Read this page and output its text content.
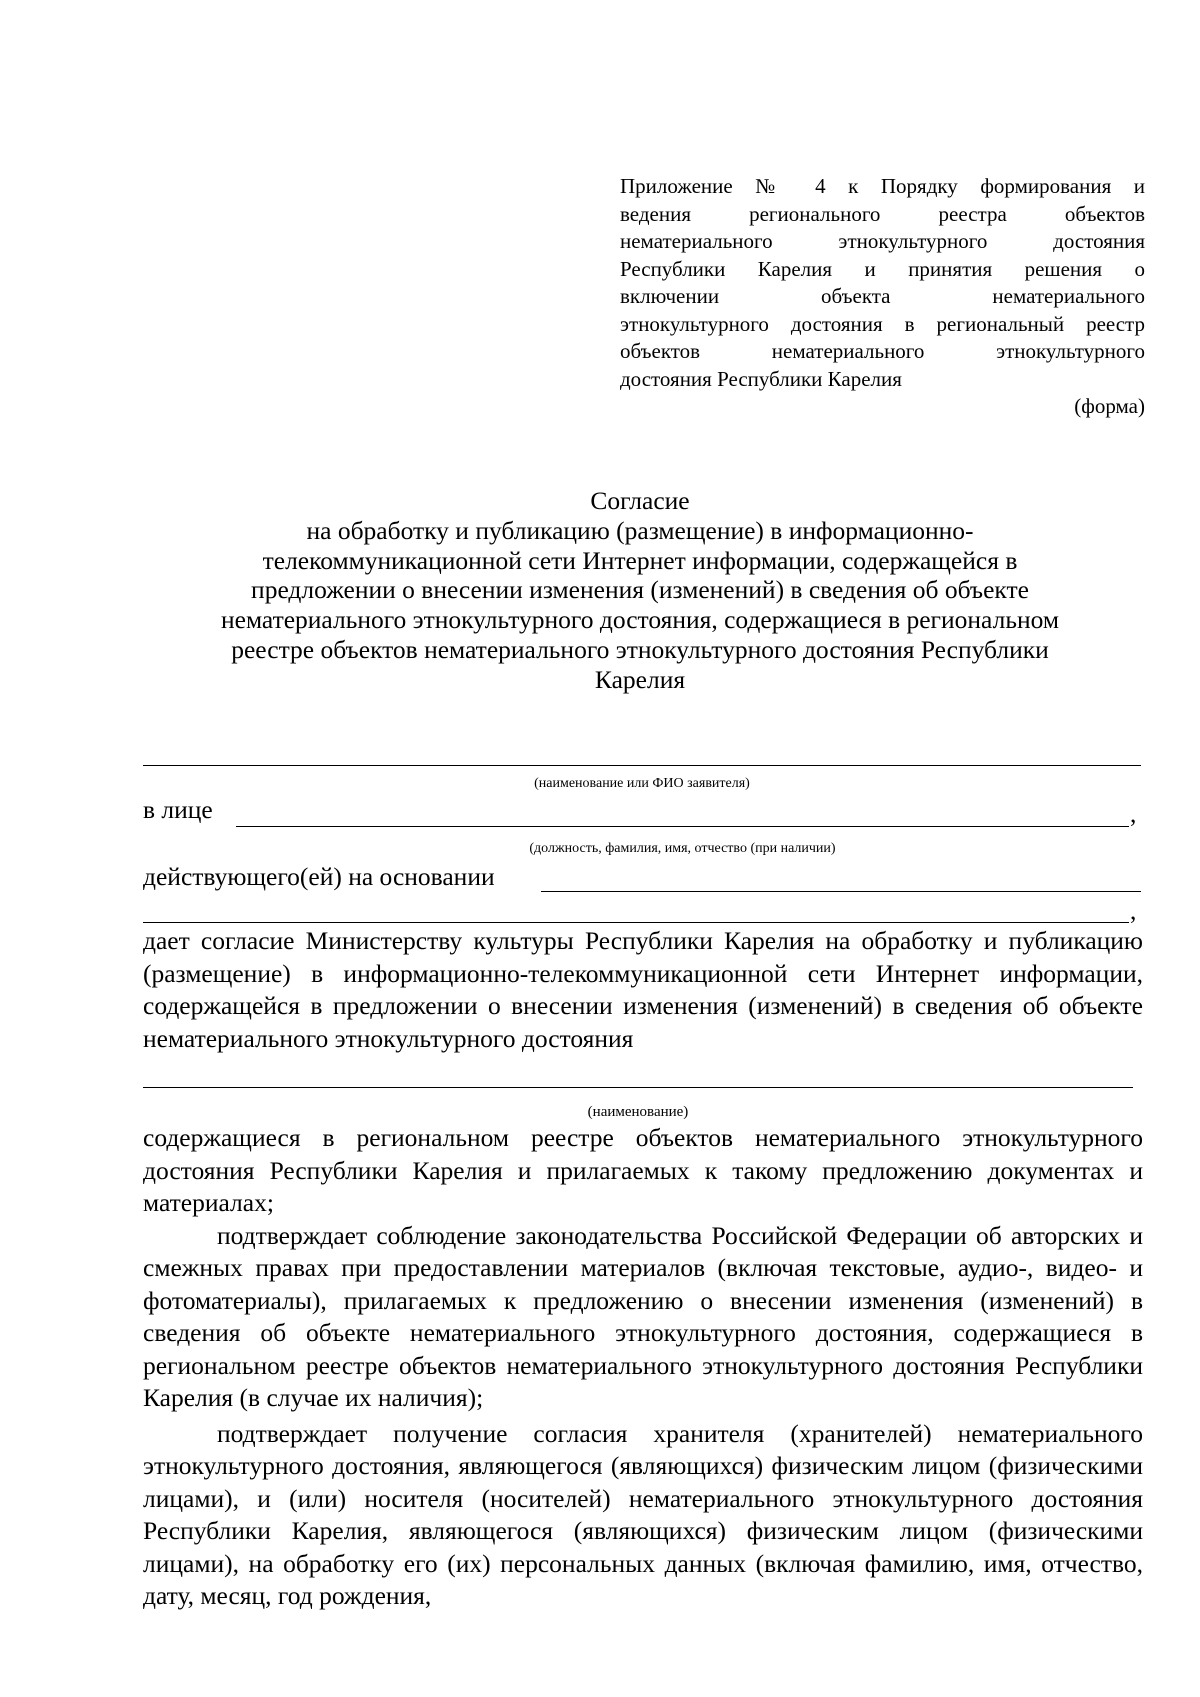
Приложение № 4 к Порядку формирования и
ведения регионального реестра объектов
нематериального этнокультурного достояния
Республики Карелия и принятия решения о
включении объекта нематериального
этнокультурного достояния в региональный реестр
объектов нематериального этнокультурного
достояния Республики Карелия
(форма)
Согласие
на обработку и публикацию (размещение) в информационно-
телекоммуникационной сети Интернет информации, содержащейся в
предложении о внесении изменения (изменений) в сведения об объекте
нематериального этнокультурного достояния, содержащиеся в региональном
реестре объектов нематериального этнокультурного достояния Республики
Карелия
(наименование или ФИО заявителя)
в лице	,
(должность, фамилия, имя, отчество (при наличии)
действующего(ей) на основании
,

дает согласие Министерству культуры Республики Карелия на обработку и публикацию (размещение) в информационно-телекоммуникационной сети Интернет информации, содержащейся в предложении о внесении изменения (изменений) в сведения об объекте нематериального этнокультурного достояния

(наименование)

содержащиеся в региональном реестре объектов нематериального этнокультурного достояния Республики Карелия и прилагаемых к такому предложению документах и материалах;

подтверждает соблюдение законодательства Российской Федерации об авторских и смежных правах при предоставлении материалов (включая текстовые, аудио-, видео- и фотоматериалы), прилагаемых к предложению о внесении изменения (изменений) в сведения об объекте нематериального этнокультурного достояния, содержащиеся в региональном реестре объектов нематериального этнокультурного достояния Республики Карелия (в случае их наличия);

подтверждает получение согласия хранителя (хранителей) нематериального этнокультурного достояния, являющегося (являющихся) физическим лицом (физическими лицами), и (или) носителя (носителей) нематериального этнокультурного достояния Республики Карелия, являющегося (являющихся) физическим лицом (физическими лицами), на обработку его (их) персональных данных (включая фамилию, имя, отчество, дату, месяц, год рождения,
